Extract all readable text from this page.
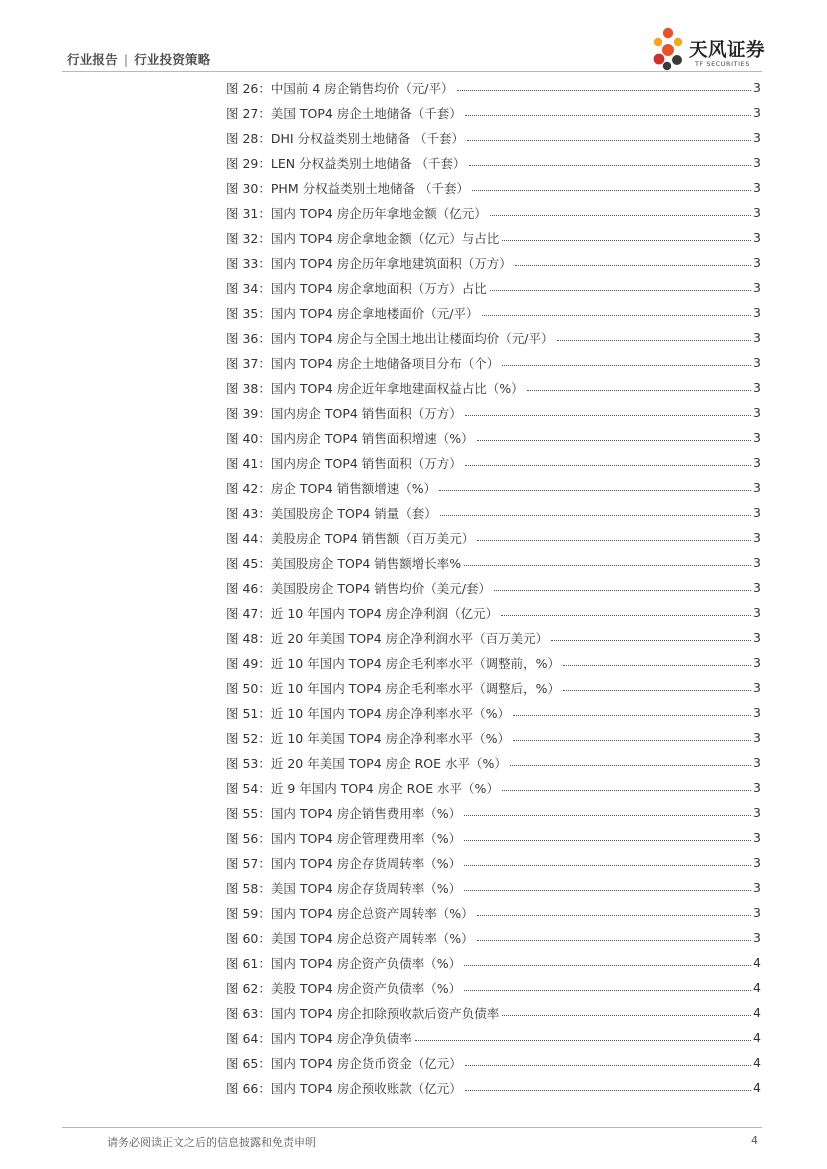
行业报告 | 行业投资策略	天风证券
TF SECURITIES
图 26：中国前 4 房企销售均价（元/平）	3
图 27：美国 TOP4 房企土地储备（千套）	3
图 28：DHI 分权益类别土地储备 （千套）	3
图 29：LEN 分权益类别土地储备 （千套）	3
图 30：PHM 分权益类别土地储备 （千套）	3
图 31：国内 TOP4 房企历年拿地金额（亿元）	3
图 32：国内 TOP4 房企拿地金额（亿元）与占比	3
图 33：国内 TOP4 房企历年拿地建筑面积（万方）	3
图 34：国内 TOP4 房企拿地面积（万方）占比	3
图 35：国内 TOP4 房企拿地楼面价（元/平）	3
图 36：国内 TOP4 房企与全国土地出让楼面均价（元/平）	3
图 37：国内 TOP4 房企土地储备项目分布（个）	3
图 38：国内 TOP4 房企近年拿地建面权益占比（%）	3
图 39：国内房企 TOP4 销售面积（万方）	3
图 40：国内房企 TOP4 销售面积增速（%）	3
图 41：国内房企 TOP4 销售面积（万方）	3
图 42：房企 TOP4 销售额增速（%）	3
图 43：美国股房企 TOP4 销量（套）	3
图 44：美股房企 TOP4 销售额（百万美元）	3
图 45：美国股房企 TOP4 销售额增长率%	3
图 46：美国股房企 TOP4 销售均价（美元/套）	3
图 47：近 10 年国内 TOP4 房企净利润（亿元）	3
图 48：近 20 年美国 TOP4 房企净利润水平（百万美元）	3
图 49：近 10 年国内 TOP4 房企毛利率水平（调整前，%）	3
图 50：近 10 年国内 TOP4 房企毛利率水平（调整后，%）	3
图 51：近 10 年国内 TOP4 房企净利率水平（%）	3
图 52：近 10 年美国 TOP4 房企净利率水平（%）	3
图 53：近 20 年美国 TOP4 房企 ROE 水平（%）	3
图 54：近 9 年国内 TOP4 房企 ROE 水平（%）	3
图 55：国内 TOP4 房企销售费用率（%）	3
图 56：国内 TOP4 房企管理费用率（%）	3
图 57：国内 TOP4 房企存货周转率（%）	3
图 58：美国 TOP4 房企存货周转率（%）	3
图 59：国内 TOP4 房企总资产周转率（%）	3
图 60：美国 TOP4 房企总资产周转率（%）	3
图 61：国内 TOP4 房企资产负债率（%）	4
图 62：美股 TOP4 房企资产负债率（%）	4
图 63：国内 TOP4 房企扣除预收款后资产负债率	4
图 64：国内 TOP4 房企净负债率	4
图 65：国内 TOP4 房企货币资金（亿元）	4
图 66：国内 TOP4 房企预收账款（亿元）	4
请务必阅读正文之后的信息披露和免责申明	4
